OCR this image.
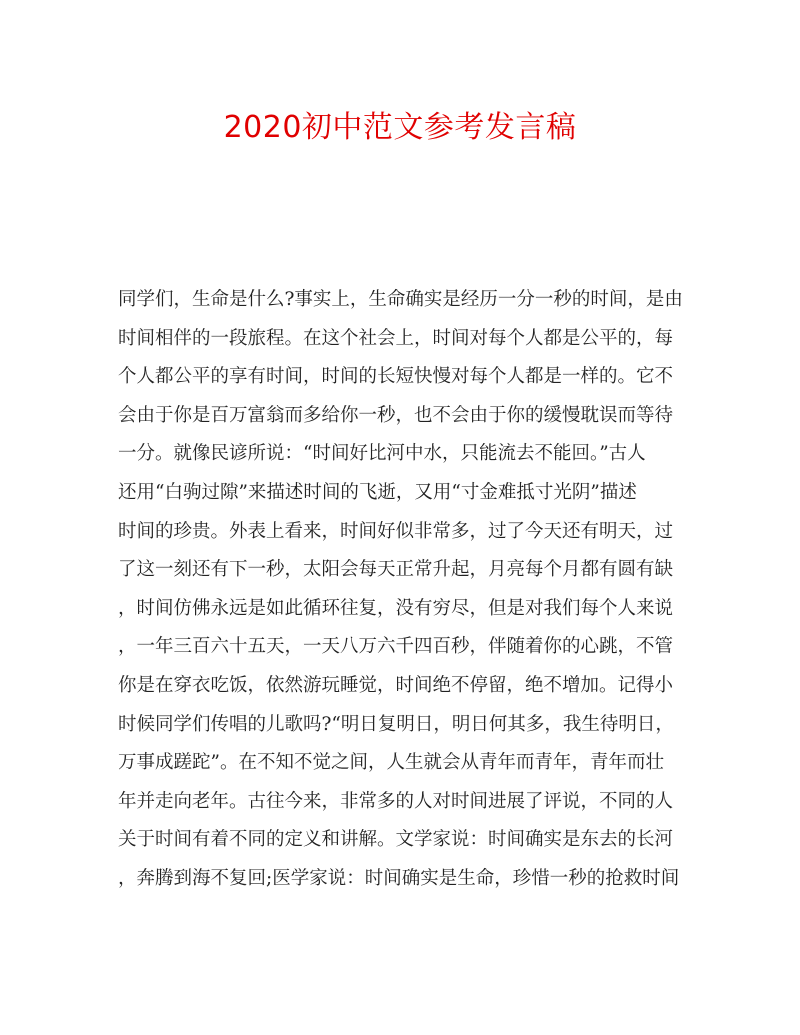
2020初中范文参考发言稿
同学们，生命是什么?事实上，生命确实是经历一分一秒的时间，是由
时间相伴的一段旅程。在这个社会上，时间对每个人都是公平的，每
个人都公平的享有时间，时间的长短快慢对每个人都是一样的。它不
会由于你是百万富翁而多给你一秒，也不会由于你的缓慢耽误而等待
一分。就像民谚所说：“时间好比河中水，只能流去不能回。”古人
还用“白驹过隙”来描述时间的飞逝，又用“寸金难抵寸光阴”描述
时间的珍贵。外表上看来，时间好似非常多，过了今天还有明天，过
了这一刻还有下一秒，太阳会每天正常升起，月亮每个月都有圆有缺
，时间仿佛永远是如此循环往复，没有穷尽，但是对我们每个人来说
，一年三百六十五天，一天八万六千四百秒，伴随着你的心跳，不管
你是在穿衣吃饭，依然游玩睡觉，时间绝不停留，绝不增加。记得小
时候同学们传唱的儿歌吗?“明日复明日，明日何其多，我生待明日，
万事成蹉跎”。在不知不觉之间，人生就会从青年而青年，青年而壮
年并走向老年。古往今来，非常多的人对时间进展了评说，不同的人
关于时间有着不同的定义和讲解。文学家说：时间确实是东去的长河
，奔腾到海不复回;医学家说：时间确实是生命，珍惜一秒的抢救时间
